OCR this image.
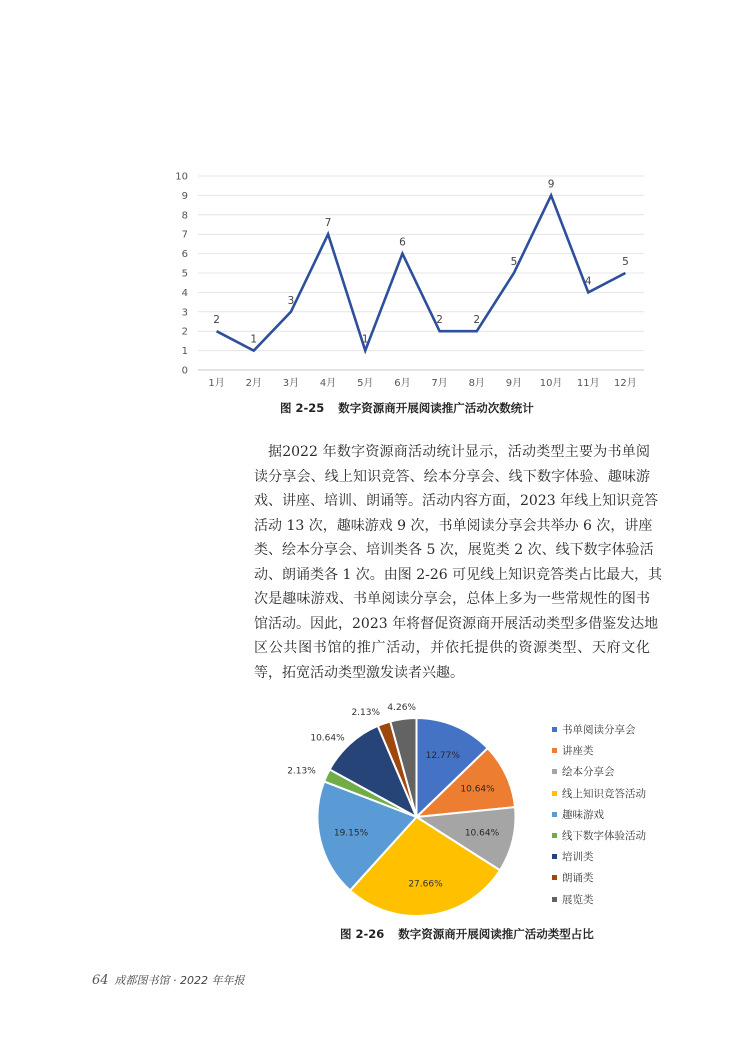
0
1
2
3
4
5
6
7
8
9
10
1月 2月 3月 4月 5月 6月 7月 8月 9月 10月 11月 12月
2
1
3
7
1
6
2	2
5
9
4
5
图 2-25 数字资源商开展阅读推广活动次数统计
据2022 年数字资源商活动统计显示，活动类型主要为书单阅
读分享会、线上知识竞答、绘本分享会、线下数字体验、趣味游
戏、讲座、培训、朗诵等。活动内容方面，2023 年线上知识竞答
活动 13 次，趣味游戏 9 次，书单阅读分享会共举办 6 次，讲座
类、绘本分享会、培训类各 5 次，展览类 2 次、线下数字体验活
动、朗诵类各 1 次。由图 2-26 可见线上知识竞答类占比最大，其
次是趣味游戏、书单阅读分享会，总体上多为一些常规性的图书
馆活动。因此，2023 年将督促资源商开展活动类型多借鉴发达地
区公共图书馆的推广活动，并依托提供的资源类型、天府文化
等，拓宽活动类型激发读者兴趣。
12.77%
10.64%
10.64%
27.66%
19.15%
2.13%
10.64%
2.13%
4.26%
书单阅读分享会
讲座类
绘本分享会
线上知识竞答活动
趣味游戏
线下数字体验活动
培训类
朗诵类
展览类
图 2-26 数字资源商开展阅读推广活动类型占比
64 成都图书馆 · 2022 年年报
